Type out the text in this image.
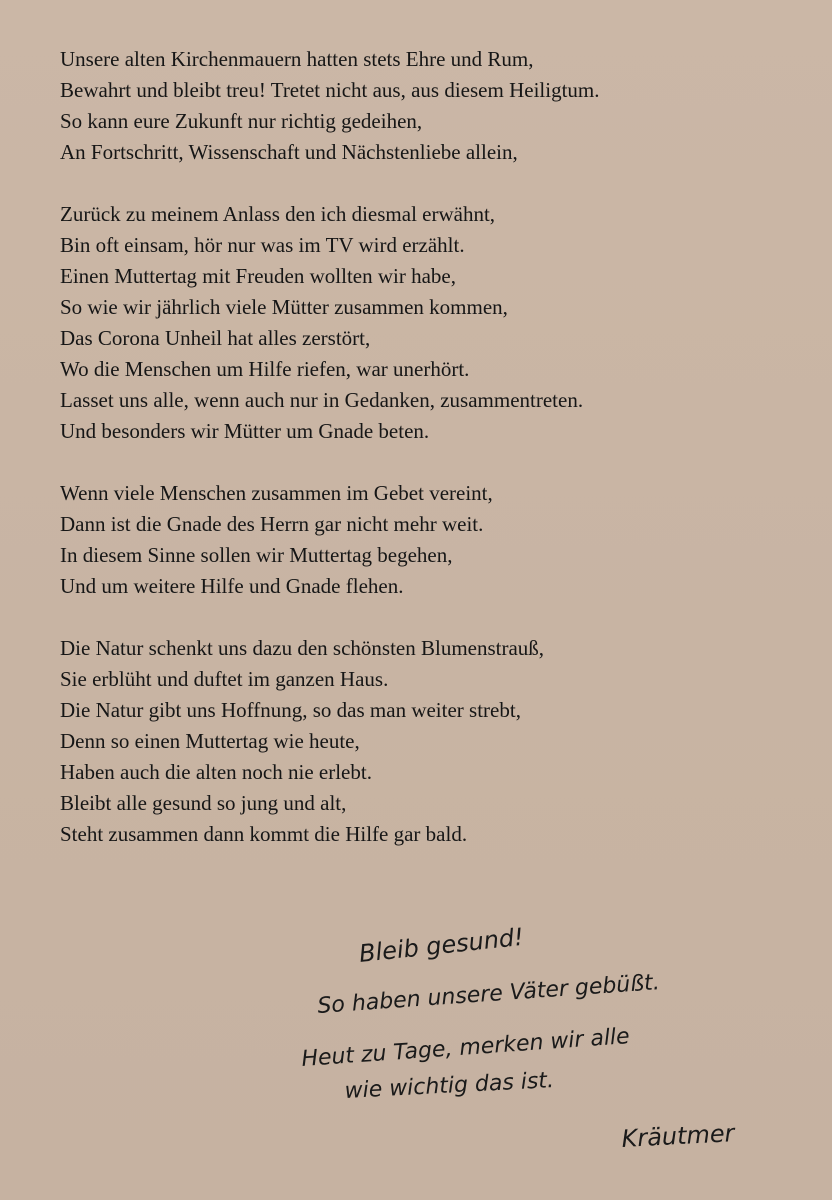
Unsere alten Kirchenmauern hatten stets Ehre und Rum,
Bewahrt und bleibt treu! Tretet nicht aus, aus diesem Heiligtum.
So kann eure Zukunft nur richtig gedeihen,
An Fortschritt, Wissenschaft und Nächstenliebe allein,
Zurück zu meinem Anlass den ich diesmal erwähnt,
Bin oft einsam, hör nur was im TV wird erzählt.
Einen Muttertag mit Freuden wollten wir habe,
So wie wir jährlich viele Mütter zusammen kommen,
Das Corona Unheil hat alles zerstört,
Wo die Menschen um Hilfe riefen, war unerhört.
Lasset uns alle, wenn auch nur in Gedanken, zusammentreten.
Und besonders wir Mütter um Gnade beten.
Wenn viele Menschen zusammen im Gebet vereint,
Dann ist die Gnade des Herrn gar nicht mehr weit.
In diesem Sinne sollen wir Muttertag begehen,
Und um weitere Hilfe und Gnade flehen.
Die Natur schenkt uns dazu den schönsten Blumenstrauß,
Sie erblüht und duftet im ganzen Haus.
Die Natur gibt uns Hoffnung, so das man weiter strebt,
Denn so einen Muttertag wie heute,
Haben auch die alten noch nie erlebt.
Bleibt alle gesund so jung und alt,
Steht zusammen dann kommt die Hilfe gar bald.
Bleib gesund!
So haben unsere Väter gebüßt.
Heut zu Tage, merken wir alle
wie wichtig das ist.
Kräutmer
